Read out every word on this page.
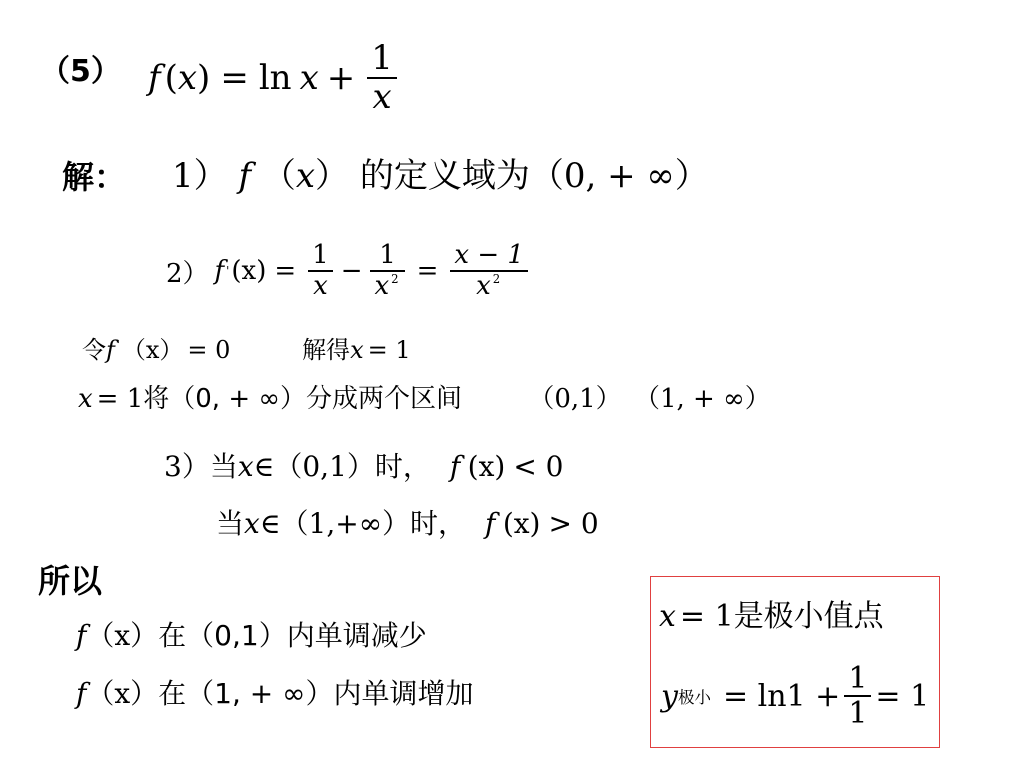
（5） f ( x ) = $\ln x + \frac{1}{x}$
解： 1） f （x） 的定义域为（0, + ∞）
2） f ' $(x) = \frac{1}{x} - \frac{1}{x ^2} = \frac{x - 1}{x ^2}$
令f '（x） = 0	解得x = 1
x = 1将（0, + ∞）分成两个区间	（0,1） （1, + ∞）
3）当x∈（0,1）时， f '(x) < 0
当x∈（1,+∞）时， f '(x) > 0
所以
f（x）在（0,1）内单调减少
f（x）在（1, + ∞）内单调增加
x = 1是极小值点
y 极小 = $\ln 1 + \frac{1}{1} = 1$
